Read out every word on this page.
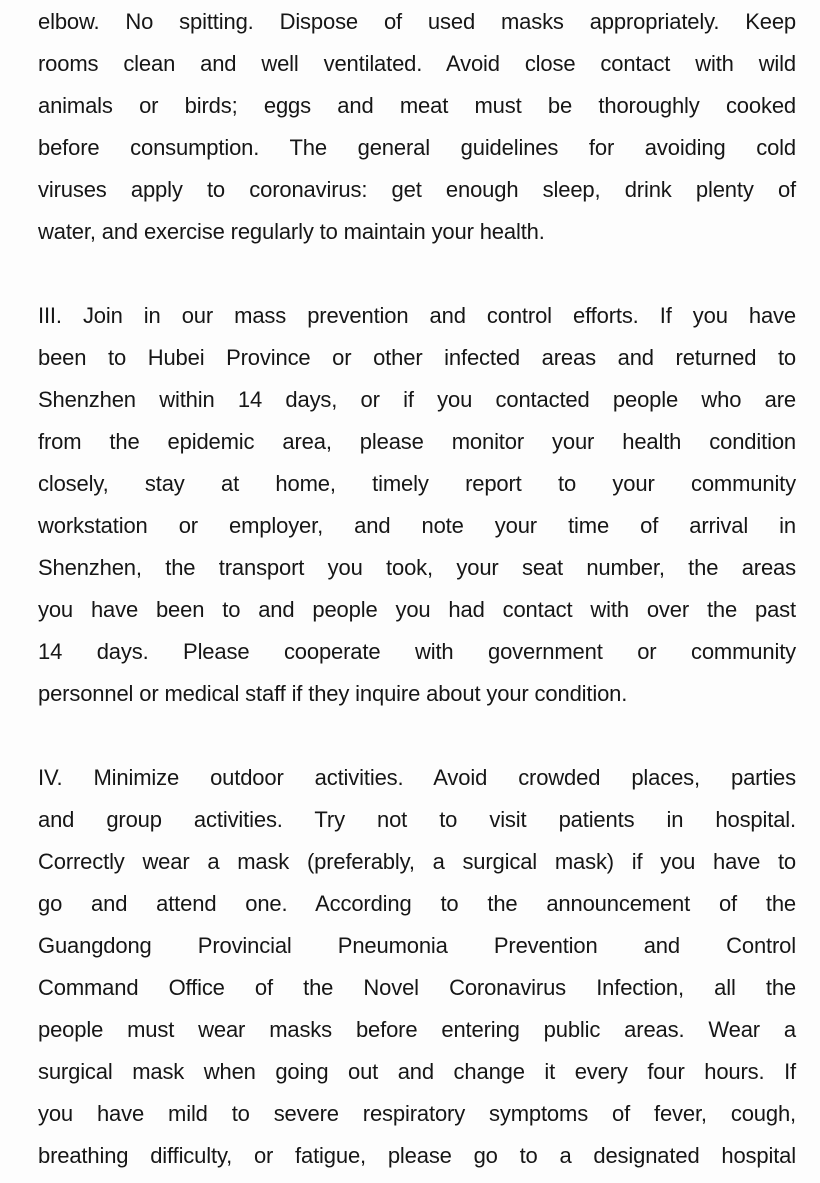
elbow. No spitting. Dispose of used masks appropriately. Keep
rooms clean and well ventilated. Avoid close contact with wild
animals or birds; eggs and meat must be thoroughly cooked
before consumption. The general guidelines for avoiding cold
viruses apply to coronavirus: get enough sleep, drink plenty of
water, and exercise regularly to maintain your health.
III. Join in our mass prevention and control efforts. If you have
been to Hubei Province or other infected areas and returned to
Shenzhen within 14 days, or if you contacted people who are
from the epidemic area, please monitor your health condition
closely, stay at home, timely report to your community
workstation or employer, and note your time of arrival in
Shenzhen, the transport you took, your seat number, the areas
you have been to and people you had contact with over the past
14 days. Please cooperate with government or community
personnel or medical staff if they inquire about your condition.
IV. Minimize outdoor activities. Avoid crowded places, parties
and group activities. Try not to visit patients in hospital.
Correctly wear a mask (preferably, a surgical mask) if you have to
go and attend one. According to the announcement of the
Guangdong Provincial Pneumonia Prevention and Control
Command Office of the Novel Coronavirus Infection, all the
people must wear masks before entering public areas. Wear a
surgical mask when going out and change it every four hours. If
you have mild to severe respiratory symptoms of fever, cough,
breathing difficulty, or fatigue, please go to a designated hospital
